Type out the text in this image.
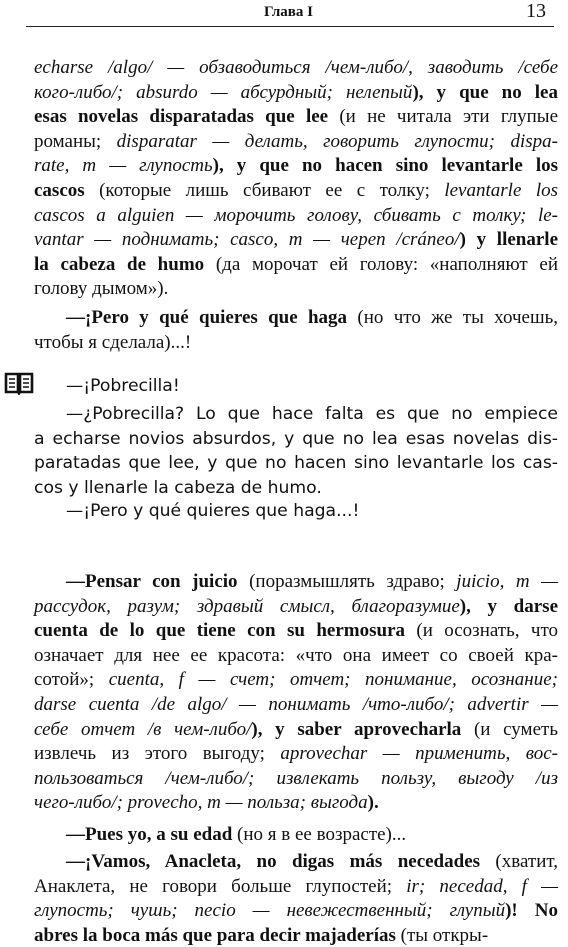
Глава I	13
echarse /algo/ — обзаводиться /чем-либо/, заводить /себе
кого-либо/; absurdo — абсурдный; нелепый), y que no lea
esas novelas disparatadas que lee (и не читала эти глупые
романы; disparatar — делать, говорить глупости; dispa-
rate, m — глупость), y que no hacen sino levantarle los
cascos (которые лишь сбивают ее с толку; levantarle los
cascos a alguien — морочить голову, сбивать с толку; le-
vantar — поднимать; casco, m — череп /cráneo/) y llenarle
la cabeza de humo (да морочат ей голову: «наполняют ей
голову дымом»).
—¡Pero y qué quieres que haga (но что же ты хочешь,
чтобы я сделала)...!
—¡Pobrecilla!
—¿Pobrecilla? Lo que hace falta es que no empiece
a echarse novios absurdos, y que no lea esas novelas dis-
paratadas que lee, y que no hacen sino levantarle los cas-
cos y llenarle la cabeza de humo.
—¡Pero y qué quieres que haga...!
—Pensar con juicio (поразмышлять здраво; juicio, m —
рассудок, разум; здравый смысл, благоразумие), y darse
cuenta de lo que tiene con su hermosura (и осознать, что
означает для нее ее красота: «что она имеет со своей кра-
сотой»; cuenta, f — счет; отчет; понимание, осознание;
darse cuenta /de algo/ — понимать /что-либо/; advertir —
себе отчет /в чем-либо/), y saber aprovecharla (и суметь
извлечь из этого выгоду; aprovechar — применить, вос-
пользоваться /чем-либо/; извлекать пользу, выгоду /из
чего-либо/; provecho, m — польза; выгода).
—Pues yo, a su edad (но я в ее возрасте)...
—¡Vamos, Anacleta, no digas más necedades (хватит,
Анаклета, не говори больше глупостей; ir; necedad, f —
глупость; чушь; necio — невежественный; глупый)! No
abres la boca más que para decir majaderías (ты откры-
